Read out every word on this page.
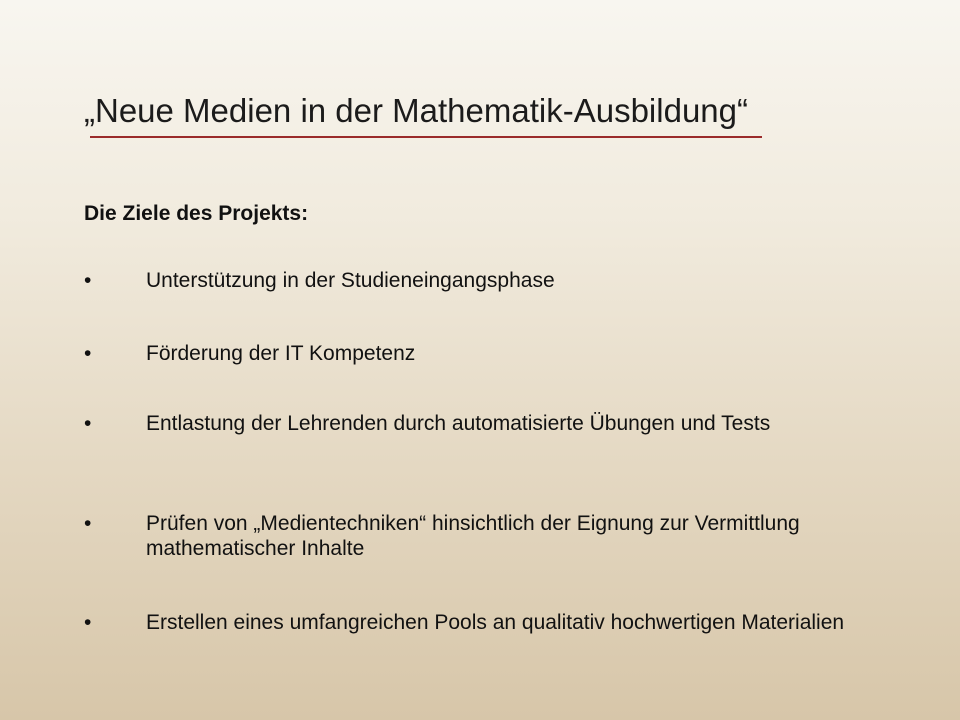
„Neue Medien in der Mathematik-Ausbildung“

Die Ziele des Projekts:

•	Unterstützung in der Studieneingangsphase
•	Förderung der IT Kompetenz
•	Entlastung der Lehrenden durch automatisierte Übungen und Tests
•	Prüfen von „Medientechniken“ hinsichtlich der Eignung zur Vermittlung mathematischer Inhalte
•	Erstellen eines umfangreichen Pools an qualitativ hochwertigen Materialien
